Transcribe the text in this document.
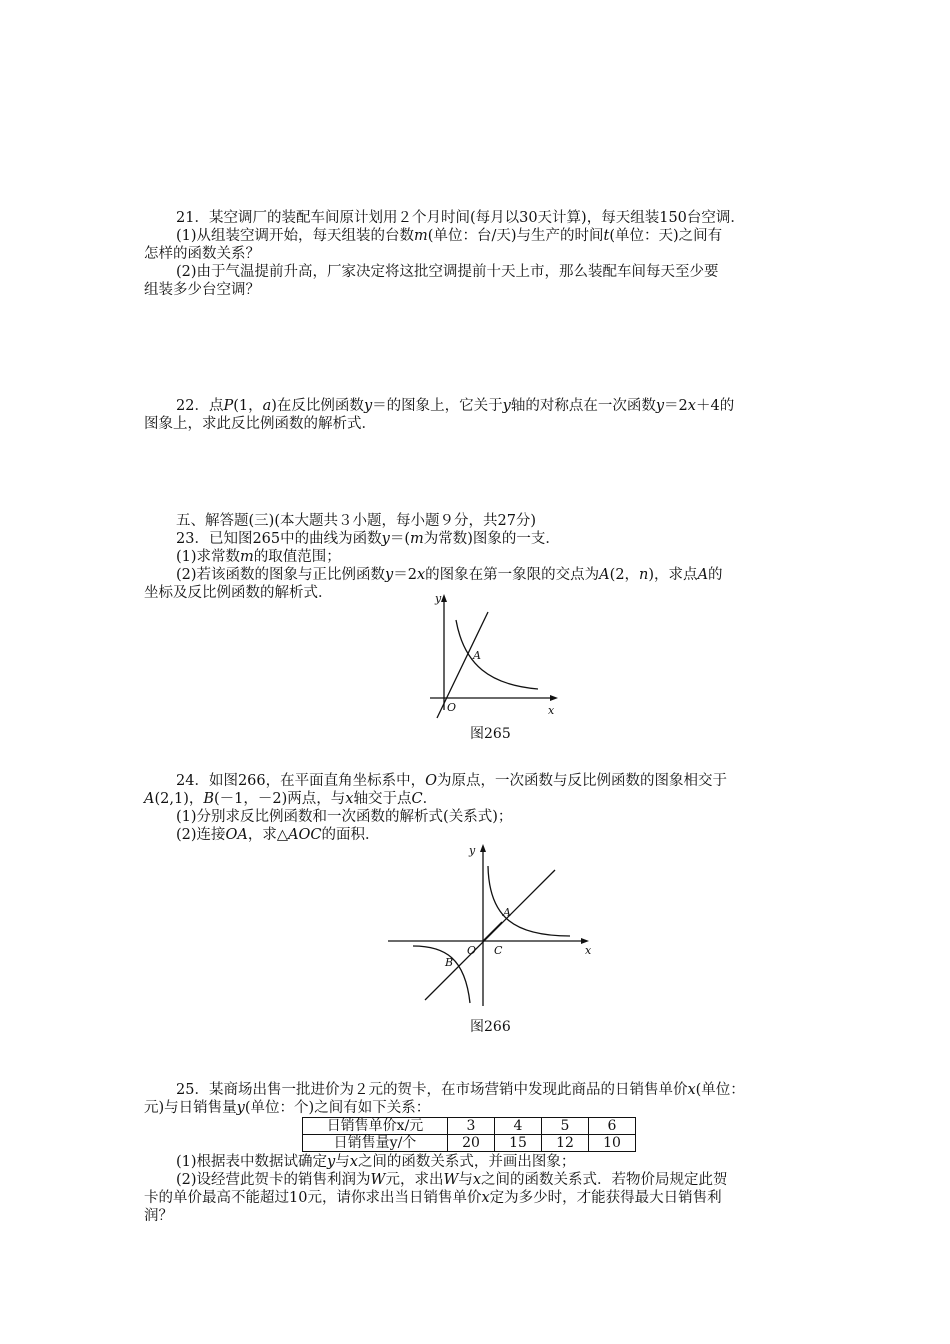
21．某空调厂的装配车间原计划用２个月时间(每月以30天计算)，每天组装150台空调．
(1)从组装空调开始，每天组装的台数m(单位：台/天)与生产的时间t(单位：天)之间有
怎样的函数关系？
(2)由于气温提前升高，厂家决定将这批空调提前十天上市，那么装配车间每天至少要
组装多少台空调？
22．点P(1，a)在反比例函数y＝的图象上，它关于y轴的对称点在一次函数y＝2x＋4的
图象上，求此反比例函数的解析式．
五、解答题(三)(本大题共３小题，每小题９分，共27分)
23．已知图265中的曲线为函数y＝(m为常数)图象的一支．
(1)求常数m的取值范围；
(2)若该函数的图象与正比例函数y＝2x的图象在第一象限的交点为A(2，n)，求点A的
坐标及反比例函数的解析式．	y
x
O
A
图265
24．如图266，在平面直角坐标系中，O为原点，一次函数与反比例函数的图象相交于
A(2,1)，B(－1，－2)两点，与x轴交于点C．
(1)分别求反比例函数和一次函数的解析式(关系式)；
(2)连接OA，求△AOC的面积．
y
x
O
A
B
C
图266
25．某商场出售一批进价为２元的贺卡，在市场营销中发现此商品的日销售单价x(单位：
元)与日销售量y(单位：个)之间有如下关系：
日销售单价x/元	3	4	5	6
日销售量y/个	20	15	12	10
(1)根据表中数据试确定y与x之间的函数关系式，并画出图象；
(2)设经营此贺卡的销售利润为W元，求出W与x之间的函数关系式．若物价局规定此贺
卡的单价最高不能超过10元，请你求出当日销售单价x定为多少时，才能获得最大日销售利
润？
